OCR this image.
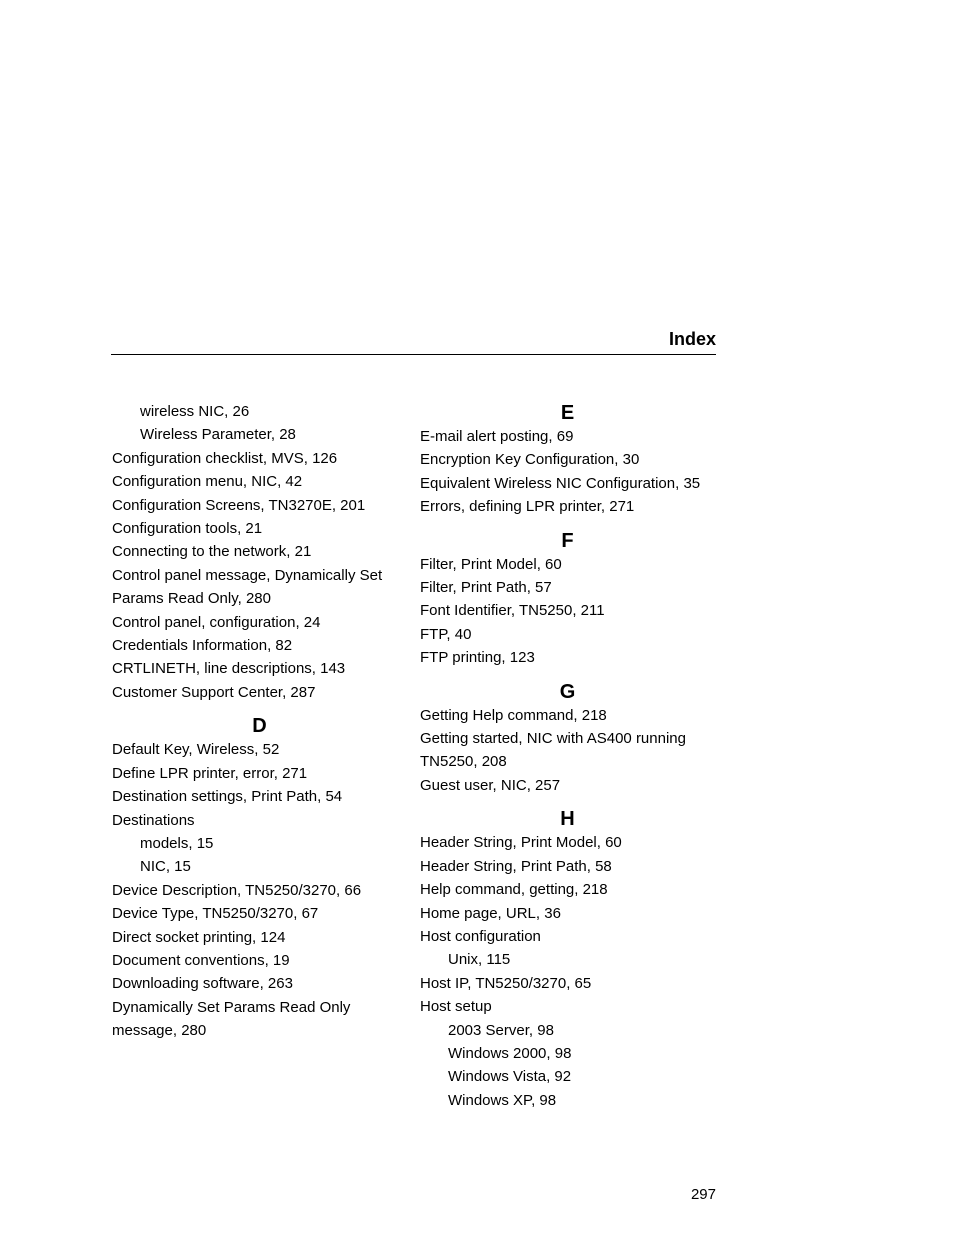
Index
wireless NIC, 26
Wireless Parameter, 28
Configuration checklist, MVS, 126
Configuration menu, NIC, 42
Configuration Screens, TN3270E, 201
Configuration tools, 21
Connecting to the network, 21
Control panel message, Dynamically Set
Params Read Only, 280
Control panel, configuration, 24
Credentials Information, 82
CRTLINETH, line descriptions, 143
Customer Support Center, 287
D
Default Key, Wireless, 52
Define LPR printer, error, 271
Destination settings, Print Path, 54
Destinations
models, 15
NIC, 15
Device Description, TN5250/3270, 66
Device Type, TN5250/3270, 67
Direct socket printing, 124
Document conventions, 19
Downloading software, 263
Dynamically Set Params Read Only
message, 280
E
E-mail alert posting, 69
Encryption Key Configuration, 30
Equivalent Wireless NIC Configuration, 35
Errors, defining LPR printer, 271
F
Filter, Print Model, 60
Filter, Print Path, 57
Font Identifier, TN5250, 211
FTP, 40
FTP printing, 123
G
Getting Help command, 218
Getting started, NIC with AS400 running
TN5250, 208
Guest user, NIC, 257
H
Header String, Print Model, 60
Header String, Print Path, 58
Help command, getting, 218
Home page, URL, 36
Host configuration
Unix, 115
Host IP, TN5250/3270, 65
Host setup
2003 Server, 98
Windows 2000, 98
Windows Vista, 92
Windows XP, 98
297
